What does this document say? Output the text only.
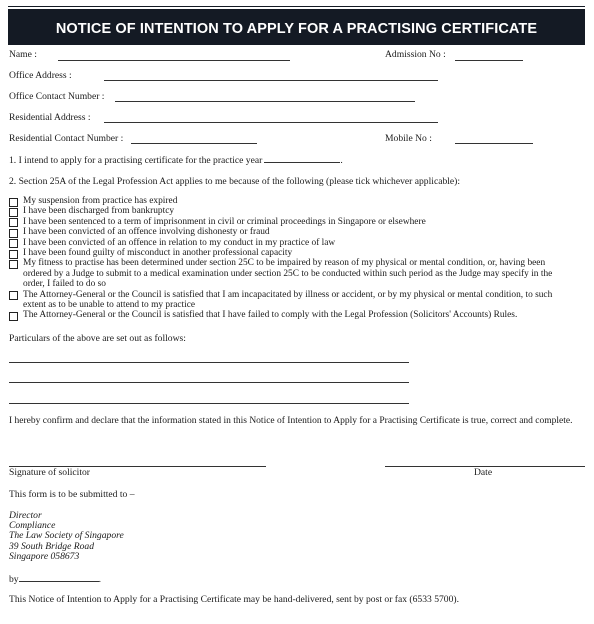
NOTICE OF INTENTION TO APPLY FOR A PRACTISING CERTIFICATE
Name :	Admission No :
Office Address :
Office Contact Number :
Residential Address :
Residential Contact Number :	Mobile No :
1. I intend to apply for a practising certificate for the practice year	.
2. Section 25A of the Legal Profession Act applies to me because of the following (please tick whichever applicable):
My suspension from practice has expired
I have been discharged from bankruptcy
I have been sentenced to a term of imprisonment in civil or criminal proceedings in Singapore or elsewhere
I have been convicted of an offence involving dishonesty or fraud
I have been convicted of an offence in relation to my conduct in my practice of law
I have been found guilty of misconduct in another professional capacity
My fitness to practise has been determined under section 25C to be impaired by reason of my physical or mental condition, or, having been
ordered by a Judge to submit to a medical examination under section 25C to be conducted within such period as the Judge may specify in the
order, I failed to do so
The Attorney-General or the Council is satisfied that I am incapacitated by illness or accident, or by my physical or mental condition, to such
extent as to be unable to attend to my practice
The Attorney-General or the Council is satisfied that I have failed to comply with the Legal Profession (Solicitors' Accounts) Rules.
Particulars of the above are set out as follows:
I hereby confirm and declare that the information stated in this Notice of Intention to Apply for a Practising Certificate is true, correct and complete.
Signature of solicitor	Date
This form is to be submitted to –
Director
Compliance
The Law Society of Singapore
39 South Bridge Road
Singapore 058673
by	.
This Notice of Intention to Apply for a Practising Certificate may be hand-delivered, sent by post or fax (6533 5700).
